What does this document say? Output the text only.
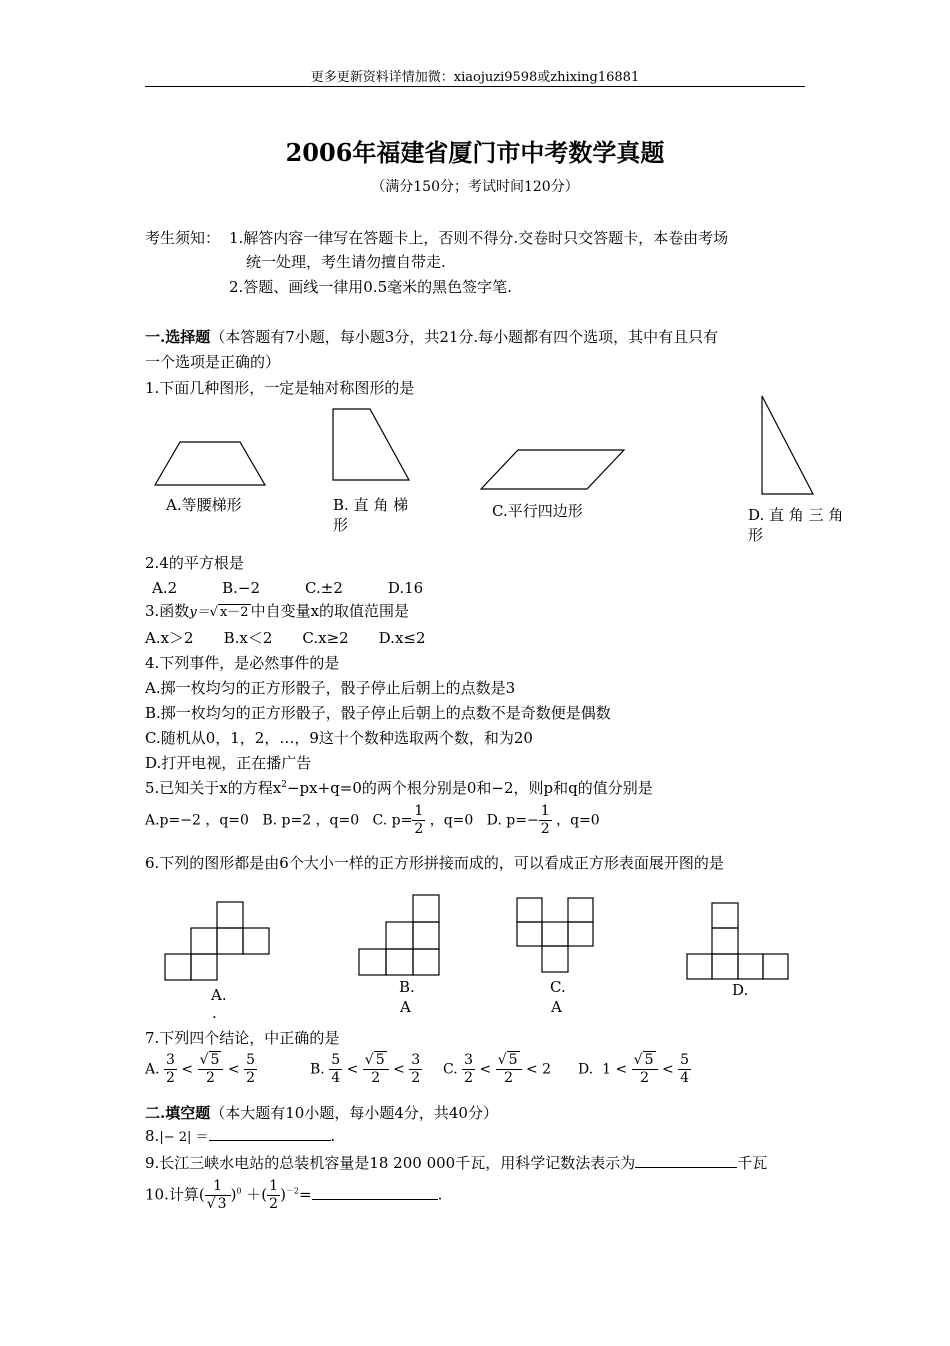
更多更新资料详情加微：xiaojuzi9598或zhixing16881
2006年福建省厦门市中考数学真题
（满分150分；考试时间120分）
考生须知： 1.解答内容一律写在答题卡上，否则不得分.交卷时只交答题卡，本卷由考场
统一处理，考生请勿擅自带走.
2.答题、画线一律用0.5毫米的黑色签字笔.
一.选择题（本答题有7小题，每小题3分，共21分.每小题都有四个选项，其中有且只有
一个选项是正确的）
1.下面几种图形，一定是轴对称图形的是
A.等腰梯形	B. 直 角 梯
形
C.平行四边形	D. 直 角 三 角
形
2.4的平方根是
A.2　　　B.−2　　　C.±2　　　D.16
3.函数y＝√ x－2 中自变量x的取值范围是
A.x＞2　　B.x＜2　　C.x≥2　　D.x≤2
4.下列事件，是必然事件的是
A.掷一枚均匀的正方形骰子，骰子停止后朝上的点数是3
B.掷一枚均匀的正方形骰子，骰子停止后朝上的点数不是奇数便是偶数
C.随机从0，1，2，…，9这十个数种选取两个数，和为20
D.打开电视，正在播广告
5.已知关于x的方程$x^2-px+q=0$的两个根分别是0和−2，则p和q的值分别是
A.p=−2 ，q=0 B. p=2 ，q=0 C. $p= \frac{1}{2}$ ，q=0 D. $p=- \frac{1}{2}$ ，q=0
6.下列的图形都是由6个大小一样的正方形拼接而成的，可以看成正方形表面展开图的是
A.
.
B.
A
C.
A
D.
7.下列四个结论，中正确的是
A. $\frac{3}{2} < \frac{√ 5}{2} < \frac{5}{2}$	B. $\frac{5}{4} < \frac{√ 5}{2} < \frac{3}{2} C$. $\frac{3}{2} < \frac{√ 5}{2} < 2$ D. $1 < \frac{√ 5}{2} < \frac{5}{4}$
二.填空题（本大题有10小题，每小题4分，共40分）
8.|− 2| ＝	.
9.长江三峡水电站的总装机容量是18 200 000千瓦，用科学记数法表示为	千瓦
10.计算( $\frac{1}{√ 3} )^0$ ＋( $\frac{1}{2} )^{-2}=$	.
